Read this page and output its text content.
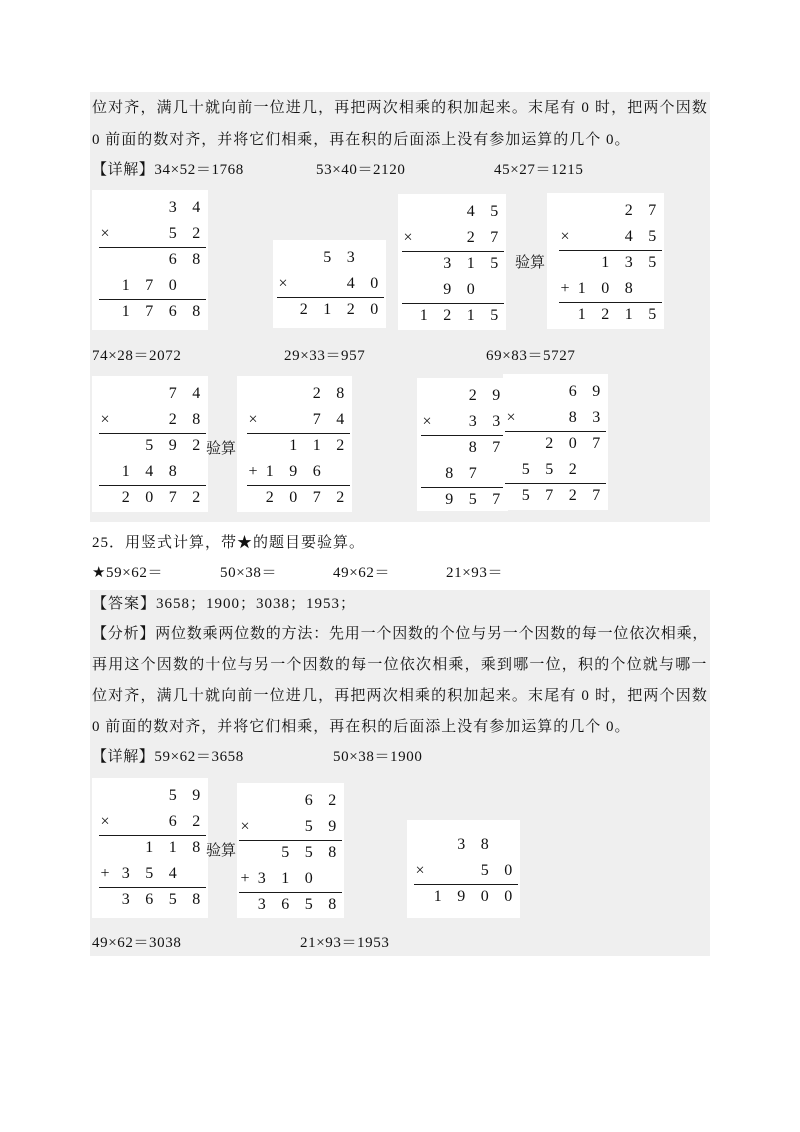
位对齐，满几十就向前一位进几，再把两次相乘的积加起来。末尾有 0 时，把两个因数
0 前面的数对齐，并将它们相乘，再在积的后面添上没有参加运算的几个 0。
【详解】34×52＝1768	53×40＝2120	45×27＝1215
3 4
×	5 2
6 8
1 7 0
1 7 6 8
5 3
×	4 0
2 1 2 0
4 5
×	2 7
3 1 5
9 0
1 2 1 5
验算
2 7
×	4 5
1 3 5
+ 1 0 8
1 2 1 5
74×28＝2072	29×33＝957	69×83＝5727
7 4
×	2 8
5 9 2
1 4 8
2 0 7 2
验算
2 8
×	7 4
1 1 2
+ 1 9 6
2 0 7 2
2 9
×	3 3
8 7
8 7
9 5 7
6 9
×	8 3
2 0 7
5 5 2
5 7 2 7
25．用竖式计算，带★的题目要验算。
★59×62＝	50×38＝	49×62＝	21×93＝
【答案】3658；1900；3038；1953；
【分析】两位数乘两位数的方法：先用一个因数的个位与另一个因数的每一位依次相乘，
再用这个因数的十位与另一个因数的每一位依次相乘，乘到哪一位，积的个位就与哪一
位对齐，满几十就向前一位进几，再把两次相乘的积加起来。末尾有 0 时，把两个因数
0 前面的数对齐，并将它们相乘，再在积的后面添上没有参加运算的几个 0。
【详解】59×62＝3658	50×38＝1900
5 9
×	6 2
1 1 8
+ 3 5 4
3 6 5 8
验算
6 2
×	5 9
5 5 8
+ 3 1 0
3 6 5 8
3 8
×	5 0
1 9 0 0
49×62＝3038	21×93＝1953
